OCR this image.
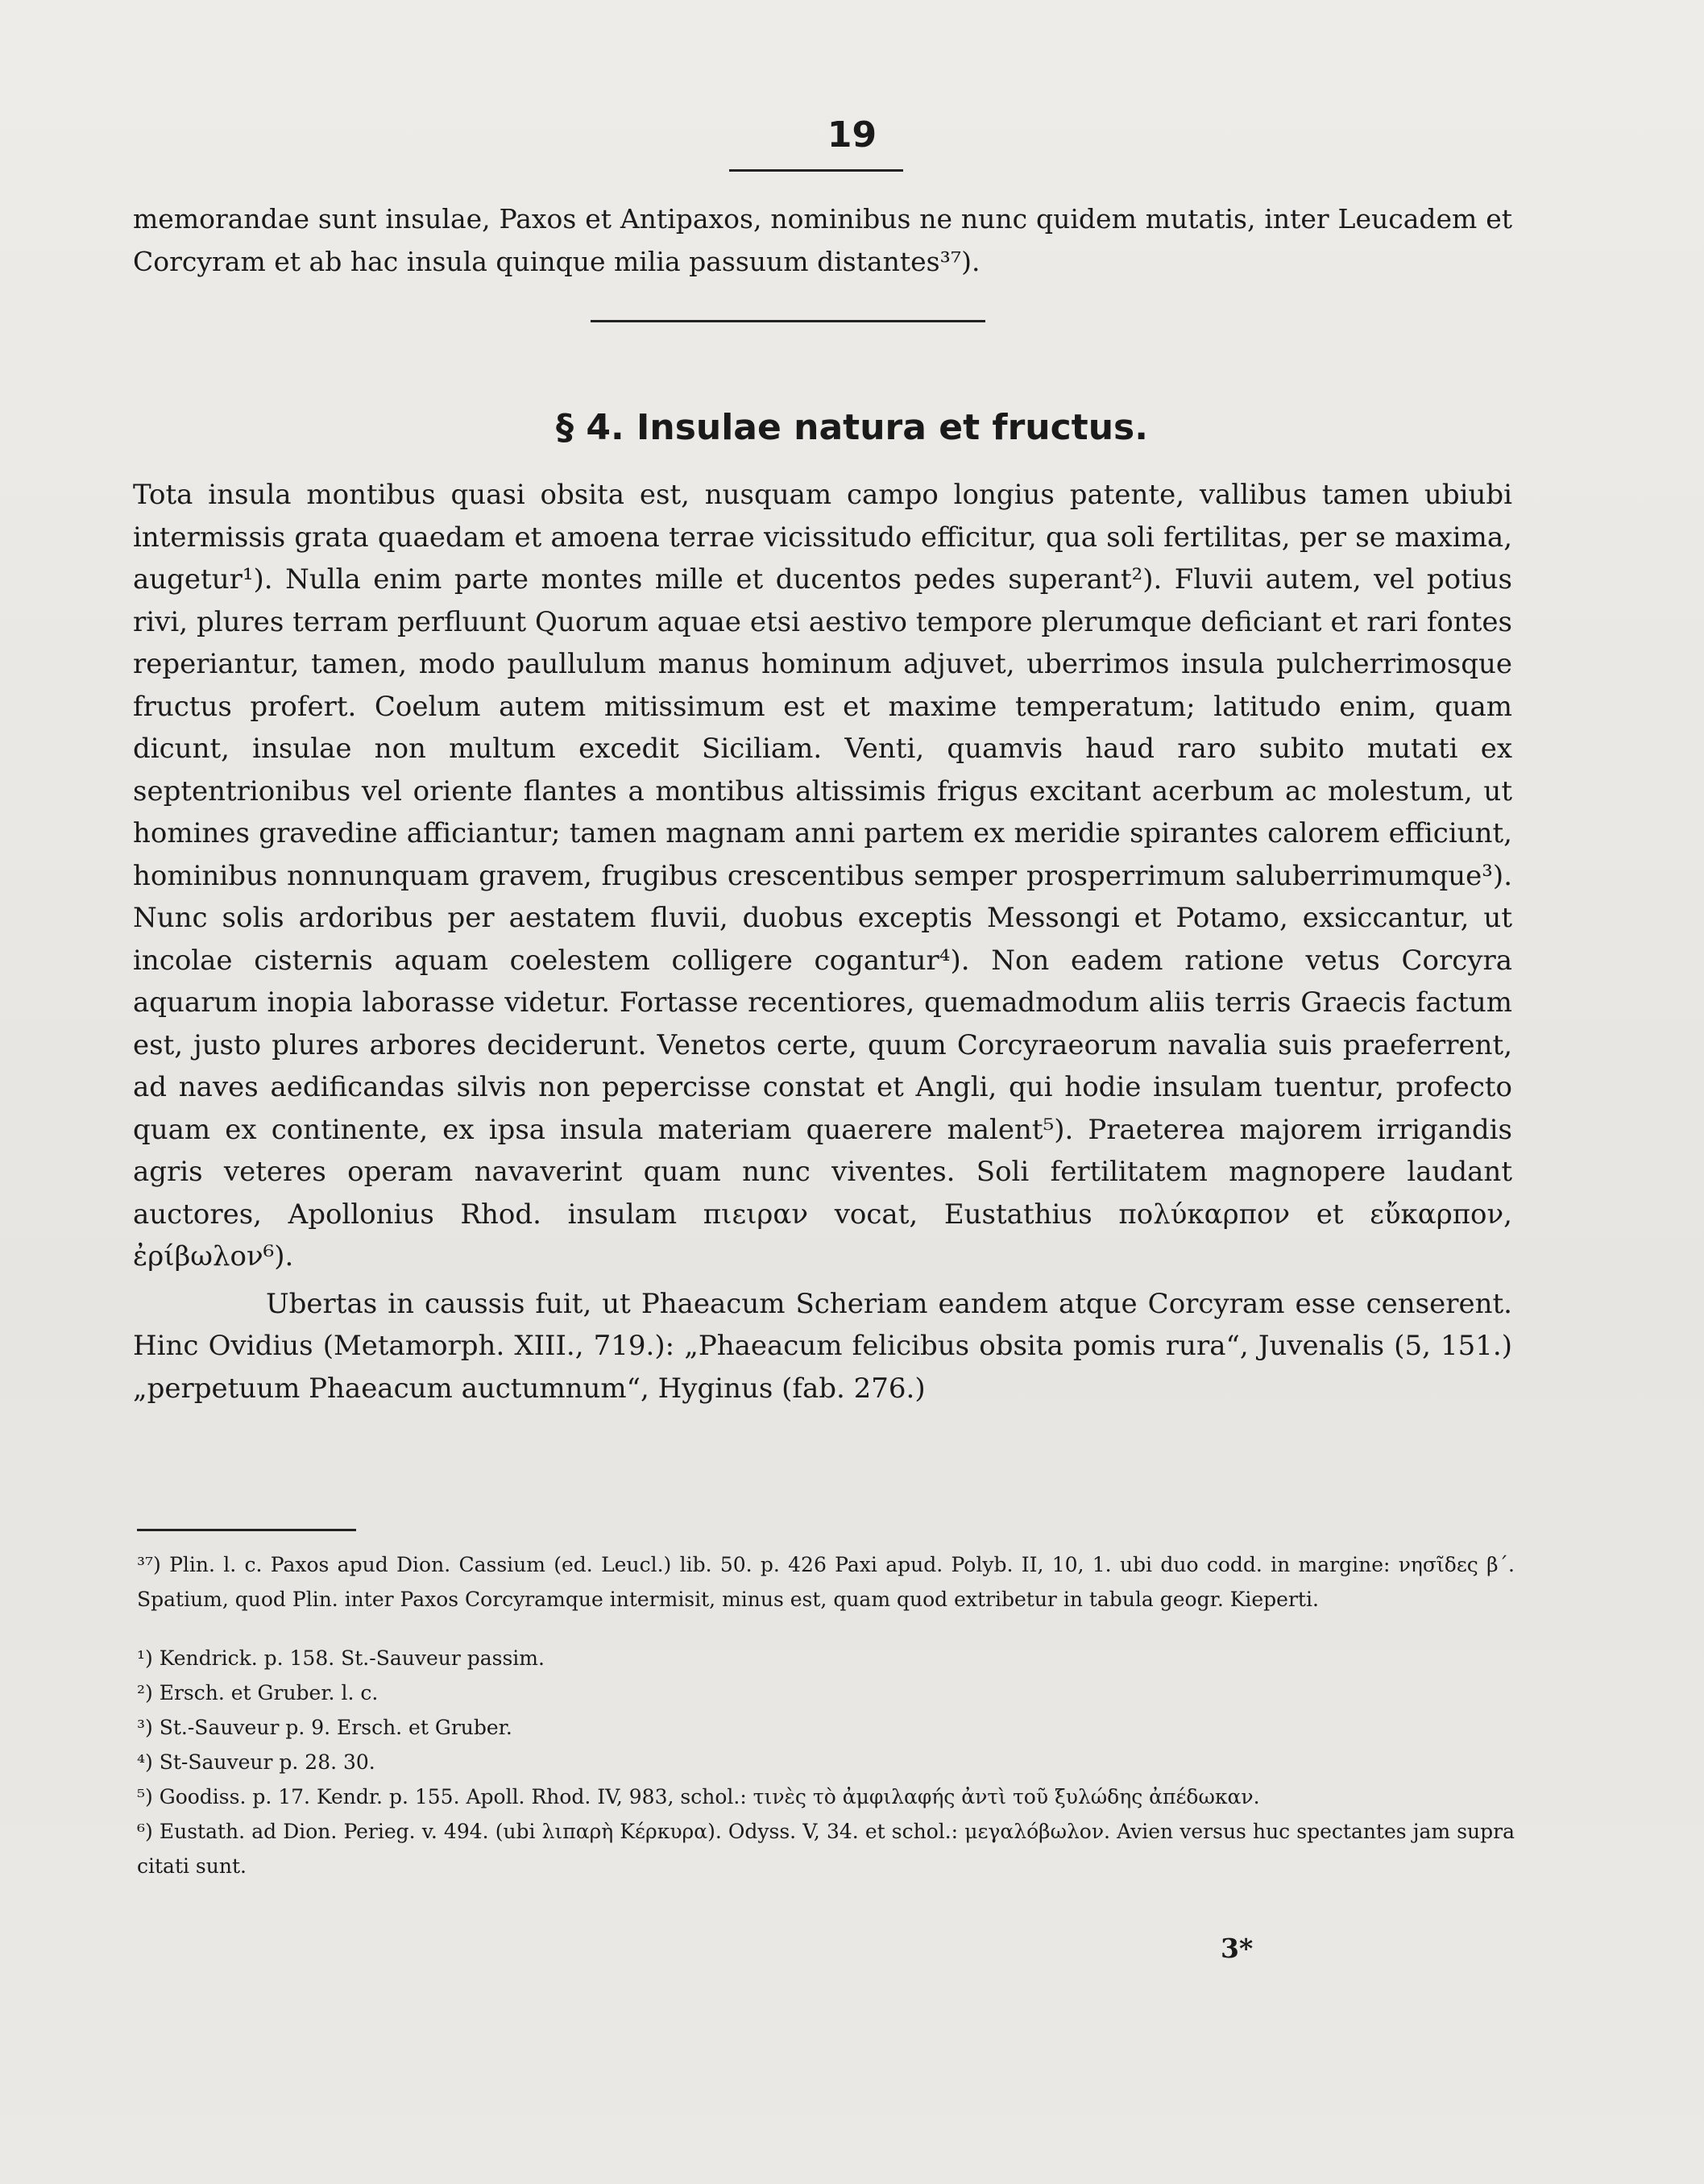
19
memorandae sunt insulae, Paxos et Antipaxos, nominibus ne nunc quidem mutatis, inter Leucadem et Corcyram et ab hac insula quinque milia passuum distantes³⁷).
§ 4. Insulae natura et fructus.

Tota insula montibus quasi obsita est, nusquam campo longius patente, vallibus tamen ubiubi intermissis grata quaedam et amoena terrae vicissitudo efficitur, qua soli fertilitas, per se maxima, augetur¹). Nulla enim parte montes mille et ducentos pedes superant²). Fluvii autem, vel potius rivi, plures terram perfluunt Quorum aquae etsi aestivo tempore plerumque deficiant et rari fontes reperiantur, tamen, modo paullulum manus hominum adjuvet, uberrimos insula pulcherrimosque fructus profert. Coelum autem mitissimum est et maxime temperatum; latitudo enim, quam dicunt, insulae non multum excedit Siciliam. Venti, quamvis haud raro subito mutati ex septentrionibus vel oriente flantes a montibus altissimis frigus excitant acerbum ac molestum, ut homines gravedine afficiantur; tamen magnam anni partem ex meridie spirantes calorem efficiunt, hominibus nonnunquam gravem, frugibus crescentibus semper prosperrimum saluberrimumque³). Nunc solis ardoribus per aestatem fluvii, duobus exceptis Messongi et Potamo, exsiccantur, ut incolae cisternis aquam coelestem colligere cogantur⁴). Non eadem ratione vetus Corcyra aquarum inopia laborasse videtur. Fortasse recentiores, quemadmodum aliis terris Graecis factum est, justo plures arbores deciderunt. Venetos certe, quum Corcyraeorum navalia suis praeferrent, ad naves aedificandas silvis non pepercisse constat et Angli, qui hodie insulam tuentur, profecto quam ex continente, ex ipsa insula materiam quaerere malent⁵). Praeterea majorem irrigandis agris veteres operam navaverint quam nunc viventes. Soli fertilitatem magnopere laudant auctores, Apollonius Rhod. insulam πιειραν vocat, Eustathius πολύκαρπον et εὔκαρπον, ἐρίβωλον⁶).

Ubertas in caussis fuit, ut Phaeacum Scheriam eandem atque Corcyram esse censerent. Hinc Ovidius (Metamorph. XIII., 719.): „Phaeacum felicibus obsita pomis rura“, Juvenalis (5, 151.) „perpetuum Phaeacum auctumnum“, Hyginus (fab. 276.)

³⁷) Plin. l. c. Paxos apud Dion. Cassium (ed. Leucl.) lib. 50. p. 426 Paxi apud. Polyb. II, 10, 1. ubi duo codd. in margine: νησῖδες β΄. Spatium, quod Plin. inter Paxos Corcyramque intermisit, minus est, quam quod extribetur in tabula geogr. Kieperti.

¹) Kendrick. p. 158. St.-Sauveur passim.

²) Ersch. et Gruber. l. c.

³) St.-Sauveur p. 9. Ersch. et Gruber.

⁴) St-Sauveur p. 28. 30.

⁵) Goodiss. p. 17. Kendr. p. 155. Apoll. Rhod. IV, 983, schol.: τινὲς τὸ ἀμφιλαφής ἀντὶ τοῦ ξυλώδης ἀπέδωκαν.

⁶) Eustath. ad Dion. Perieg. v. 494. (ubi λιπαρὴ Κέρκυρα). Odyss. V, 34. et schol.: μεγαλόβωλον. Avien versus huc spectantes jam supra citati sunt.

3*
